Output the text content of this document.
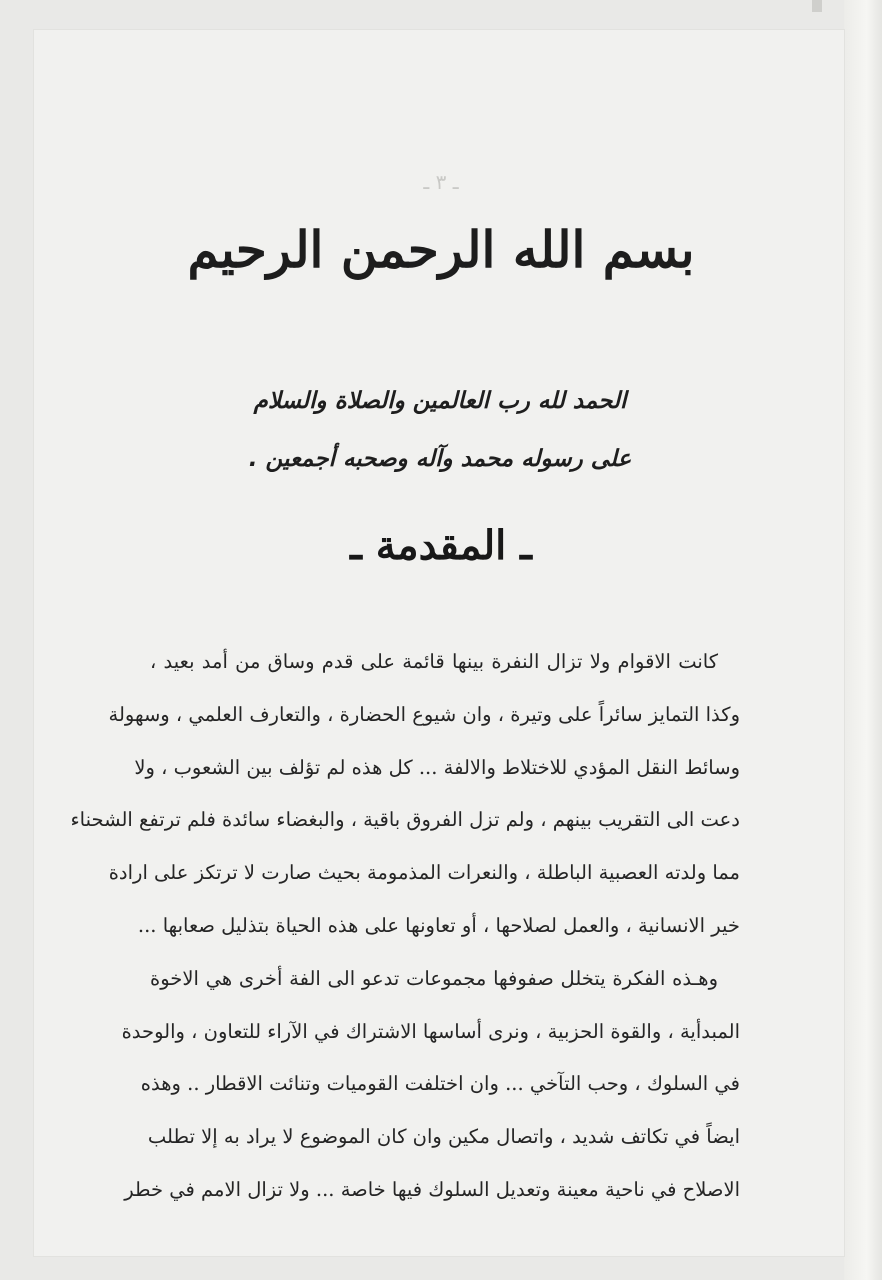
ـ ٣ ـ
بسم الله الرحمن الرحيم
الحمد لله رب العالمين والصلاة والسلام
على رسوله محمد وآله وصحبه أجمعين .
ـ المقدمة ـ
كانت الاقوام ولا تزال النفرة بينها قائمة على قدم وساق من أمد بعيد ،
وكذا التمايز سائراً على وتيرة ، وان شيوع الحضارة ، والتعارف العلمي ، وسهولة
وسائط النقل المؤدي للاختلاط والالفة ... كل هذه لم تؤلف بين الشعوب ، ولا
دعت الى التقريب بينهم ، ولم تزل الفروق باقية ، والبغضاء سائدة فلم ترتفع الشحناء
مما ولدته العصبية الباطلة ، والنعرات المذمومة بحيث صارت لا ترتكز على ارادة
خير الانسانية ، والعمل لصلاحها ، أو تعاونها على هذه الحياة بتذليل صعابها ...
وهـذه الفكرة يتخلل صفوفها مجموعات تدعو الى الفة أخرى هي الاخوة
المبدأية ، والقوة الحزبية ، ونرى أساسها الاشتراك في الآراء للتعاون ، والوحدة
في السلوك ، وحب التآخي ... وان اختلفت القوميات وتنائت الاقطار .. وهذه
ايضاً في تكاتف شديد ، واتصال مكين وان كان الموضوع لا يراد به إلا تطلب
الاصلاح في ناحية معينة وتعديل السلوك فيها خاصة ... ولا تزال الامم في خطر
